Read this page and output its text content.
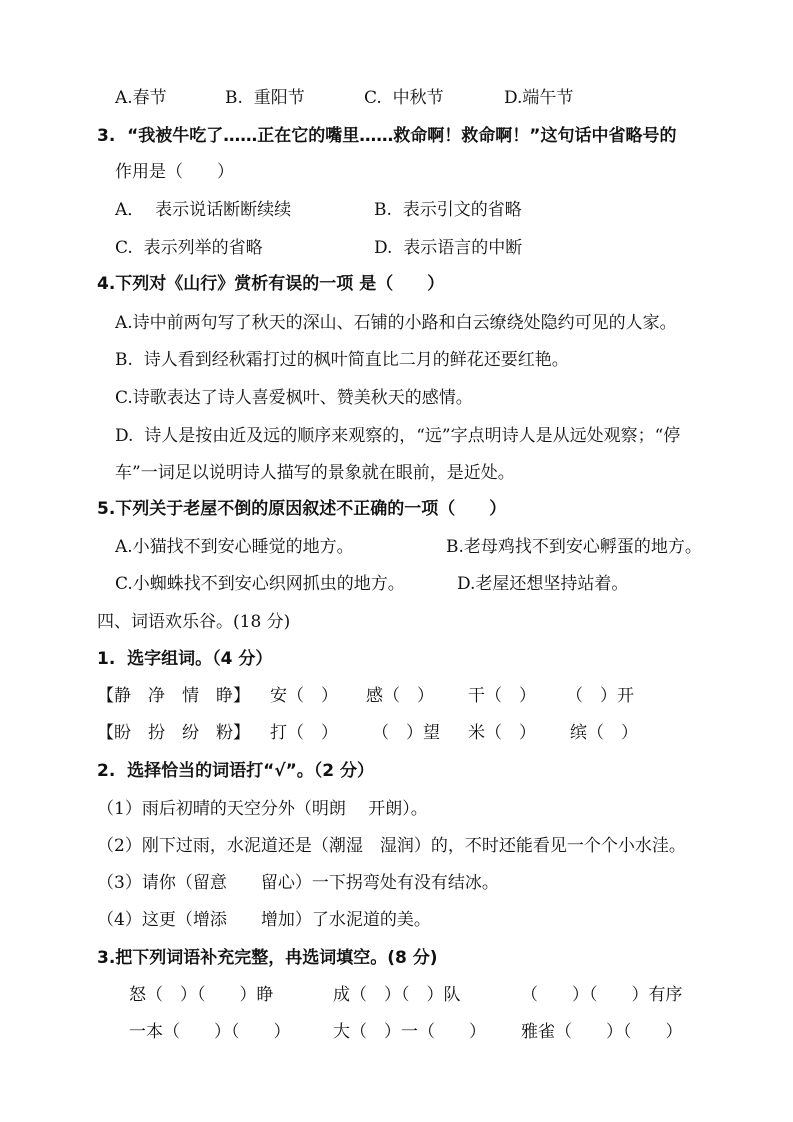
A.春节	B.  重阳节	C.  中秋节	D.端午节
3.  “我被牛吃了……正在它的嘴里……救命啊！救命啊！”这句话中省略号的
作用是（　　）
A．  表示说话断断续续	B.  表示引文的省略
C.  表示列举的省略	D.  表示语言的中断
4.下列对《山行》赏析有误的一项 是（　　）
A.诗中前两句写了秋天的深山、石铺的小路和白云缭绕处隐约可见的人家。
B.  诗人看到经秋霜打过的枫叶简直比二月的鲜花还要红艳。
C.诗歌表达了诗人喜爱枫叶、赞美秋天的感情。
D.  诗人是按由近及远的顺序来观察的，“远”字点明诗人是从远处观察；“停
车”一词足以说明诗人描写的景象就在眼前，是近处。
5.下列关于老屋不倒的原因叙述不正确的一项（　　）
A.小猫找不到安心睡觉的地方。	B.老母鸡找不到安心孵蛋的地方。
C.小蜘蛛找不到安心织网抓虫的地方。	D.老屋还想坚持站着。
四、词语欢乐谷。(18 分)
1.  选字组词。（4 分）
【静　净　情　睁】 安（　） 感（　） 干（　） （　）开
【盼　扮　纷　粉】 打（　） （　）望 米（　） 缤（　）
2.  选择恰当的词语打“√”。（2 分）
（1）雨后初晴的天空分外（明朗　 开朗）。
（2）刚下过雨，水泥道还是（潮湿　湿润）的，不时还能看见一个个小水洼。
（3）请你（留意　　留心）一下拐弯处有没有结冰。
（4）这更（增添　　增加）了水泥道的美。
3.把下列词语补充完整，冉选词填空。(8 分)
怒（　）（　　）睁	成（　）（　）队	（　　）（　　）有序
一本（　　）（　　）	大（　）一（　　） 雅雀（　　）（　　）
